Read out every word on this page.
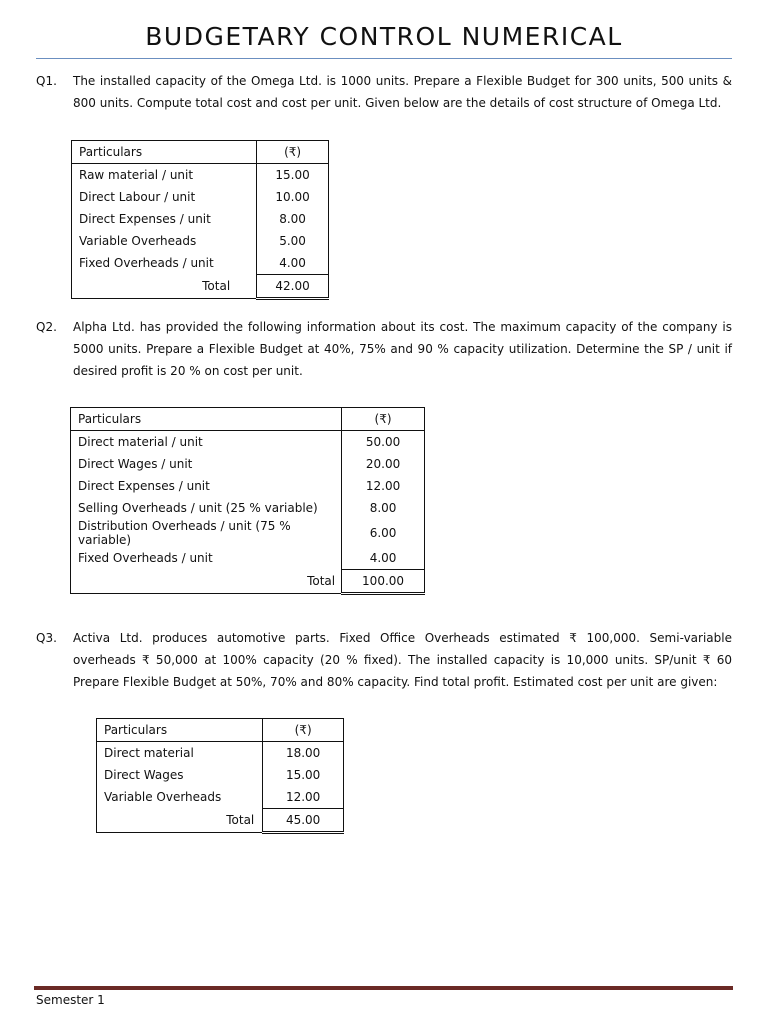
BUDGETARY CONTROL NUMERICAL
Q1. The installed capacity of the Omega Ltd. is 1000 units. Prepare a Flexible Budget for 300 units, 500 units & 800 units. Compute total cost and cost per unit. Given below are the details of cost structure of Omega Ltd.
Particulars	(₹)
Raw material / unit	15.00
Direct Labour / unit	10.00
Direct Expenses / unit	8.00
Variable Overheads	5.00
Fixed Overheads / unit	4.00
Total	42.00
Q2. Alpha Ltd. has provided the following information about its cost. The maximum capacity of the company is 5000 units. Prepare a Flexible Budget at 40%, 75% and 90 % capacity utilization. Determine the SP / unit if desired profit is 20 % on cost per unit.
Particulars	(₹)
Direct material / unit	50.00
Direct Wages / unit	20.00
Direct Expenses / unit	12.00
Selling Overheads / unit (25 % variable)	8.00
Distribution Overheads / unit (75 % variable)	6.00
Fixed Overheads / unit	4.00
Total	100.00
Q3. Activa Ltd. produces automotive parts. Fixed Office Overheads estimated ₹ 100,000. Semi-variable overheads ₹ 50,000 at 100% capacity (20 % fixed). The installed capacity is 10,000 units. SP/unit ₹ 60 Prepare Flexible Budget at 50%, 70% and 80% capacity. Find total profit. Estimated cost per unit are given:
Particulars	(₹)
Direct material	18.00
Direct Wages	15.00
Variable Overheads	12.00
Total	45.00
Semester 1
